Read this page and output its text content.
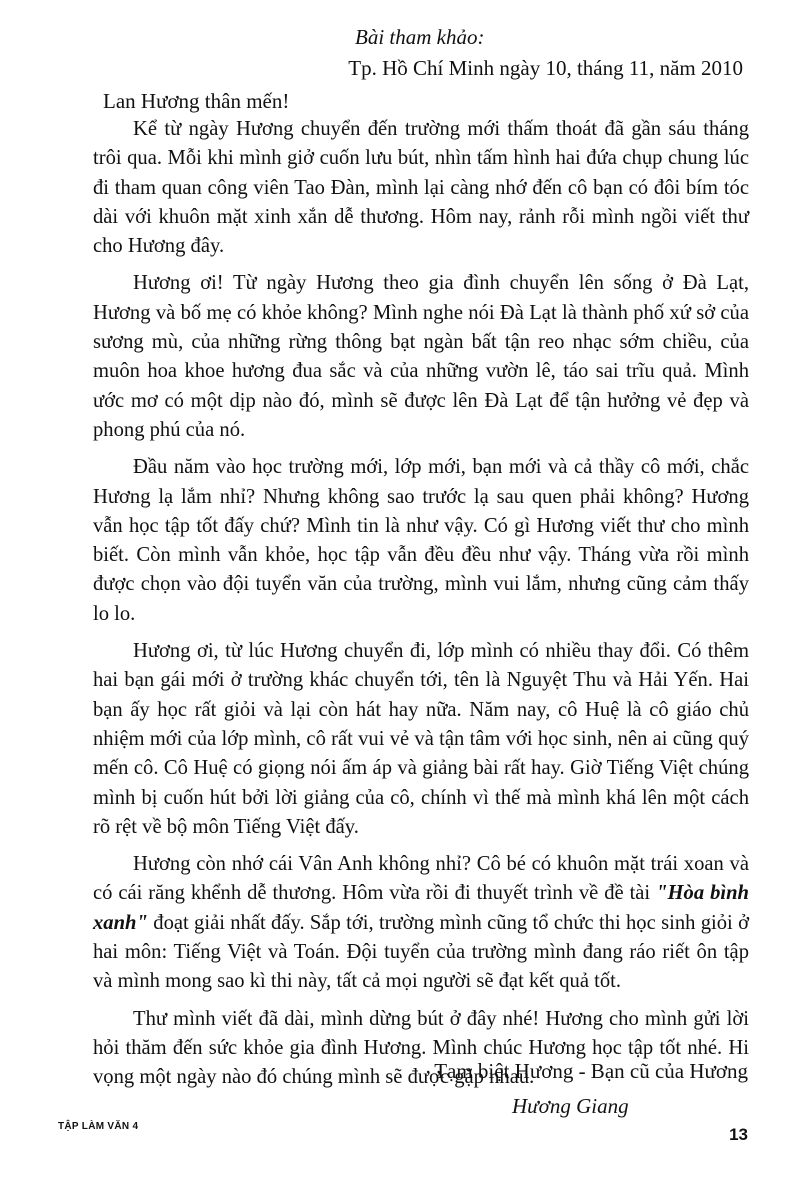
Bài tham khảo:
Tp. Hồ Chí Minh ngày 10, tháng 11, năm 2010
Lan Hương thân mến!

Kể từ ngày Hương chuyển đến trường mới thấm thoát đã gần sáu tháng trôi qua. Mỗi khi mình giở cuốn lưu bút, nhìn tấm hình hai đứa chụp chung lúc đi tham quan công viên Tao Đàn, mình lại càng nhớ đến cô bạn có đôi bím tóc dài với khuôn mặt xinh xắn dễ thương. Hôm nay, rảnh rỗi mình ngồi viết thư cho Hương đây.

Hương ơi! Từ ngày Hương theo gia đình chuyển lên sống ở Đà Lạt, Hương và bố mẹ có khỏe không? Mình nghe nói Đà Lạt là thành phố xứ sở của sương mù, của những rừng thông bạt ngàn bất tận reo nhạc sớm chiều, của muôn hoa khoe hương đua sắc và của những vườn lê, táo sai trĩu quả. Mình ước mơ có một dịp nào đó, mình sẽ được lên Đà Lạt để tận hưởng vẻ đẹp và phong phú của nó.

Đầu năm vào học trường mới, lớp mới, bạn mới và cả thầy cô mới, chắc Hương lạ lắm nhỉ? Nhưng không sao trước lạ sau quen phải không? Hương vẫn học tập tốt đấy chứ? Mình tin là như vậy. Có gì Hương viết thư cho mình biết. Còn mình vẫn khỏe, học tập vẫn đều đều như vậy. Tháng vừa rồi mình được chọn vào đội tuyển văn của trường, mình vui lắm, nhưng cũng cảm thấy lo lo.

Hương ơi, từ lúc Hương chuyển đi, lớp mình có nhiều thay đổi. Có thêm hai bạn gái mới ở trường khác chuyển tới, tên là Nguyệt Thu và Hải Yến. Hai bạn ấy học rất giỏi và lại còn hát hay nữa. Năm nay, cô Huệ là cô giáo chủ nhiệm mới của lớp mình, cô rất vui vẻ và tận tâm với học sinh, nên ai cũng quý mến cô. Cô Huệ có giọng nói ấm áp và giảng bài rất hay. Giờ Tiếng Việt chúng mình bị cuốn hút bởi lời giảng của cô, chính vì thế mà mình khá lên một cách rõ rệt về bộ môn Tiếng Việt đấy.

Hương còn nhớ cái Vân Anh không nhỉ? Cô bé có khuôn mặt trái xoan và có cái răng khểnh dễ thương. Hôm vừa rồi đi thuyết trình về đề tài "Hòa bình xanh" đoạt giải nhất đấy. Sắp tới, trường mình cũng tổ chức thi học sinh giỏi ở hai môn: Tiếng Việt và Toán. Đội tuyển của trường mình đang ráo riết ôn tập và mình mong sao kì thi này, tất cả mọi người sẽ đạt kết quả tốt.

Thư mình viết đã dài, mình dừng bút ở đây nhé! Hương cho mình gửi lời hỏi thăm đến sức khỏe gia đình Hương. Mình chúc Hương học tập tốt nhé. Hi vọng một ngày nào đó chúng mình sẽ được gặp nhau.

Tạm biệt Hương - Bạn cũ của Hương
Hương Giang
TẬP LÀM VĂN 4	13
